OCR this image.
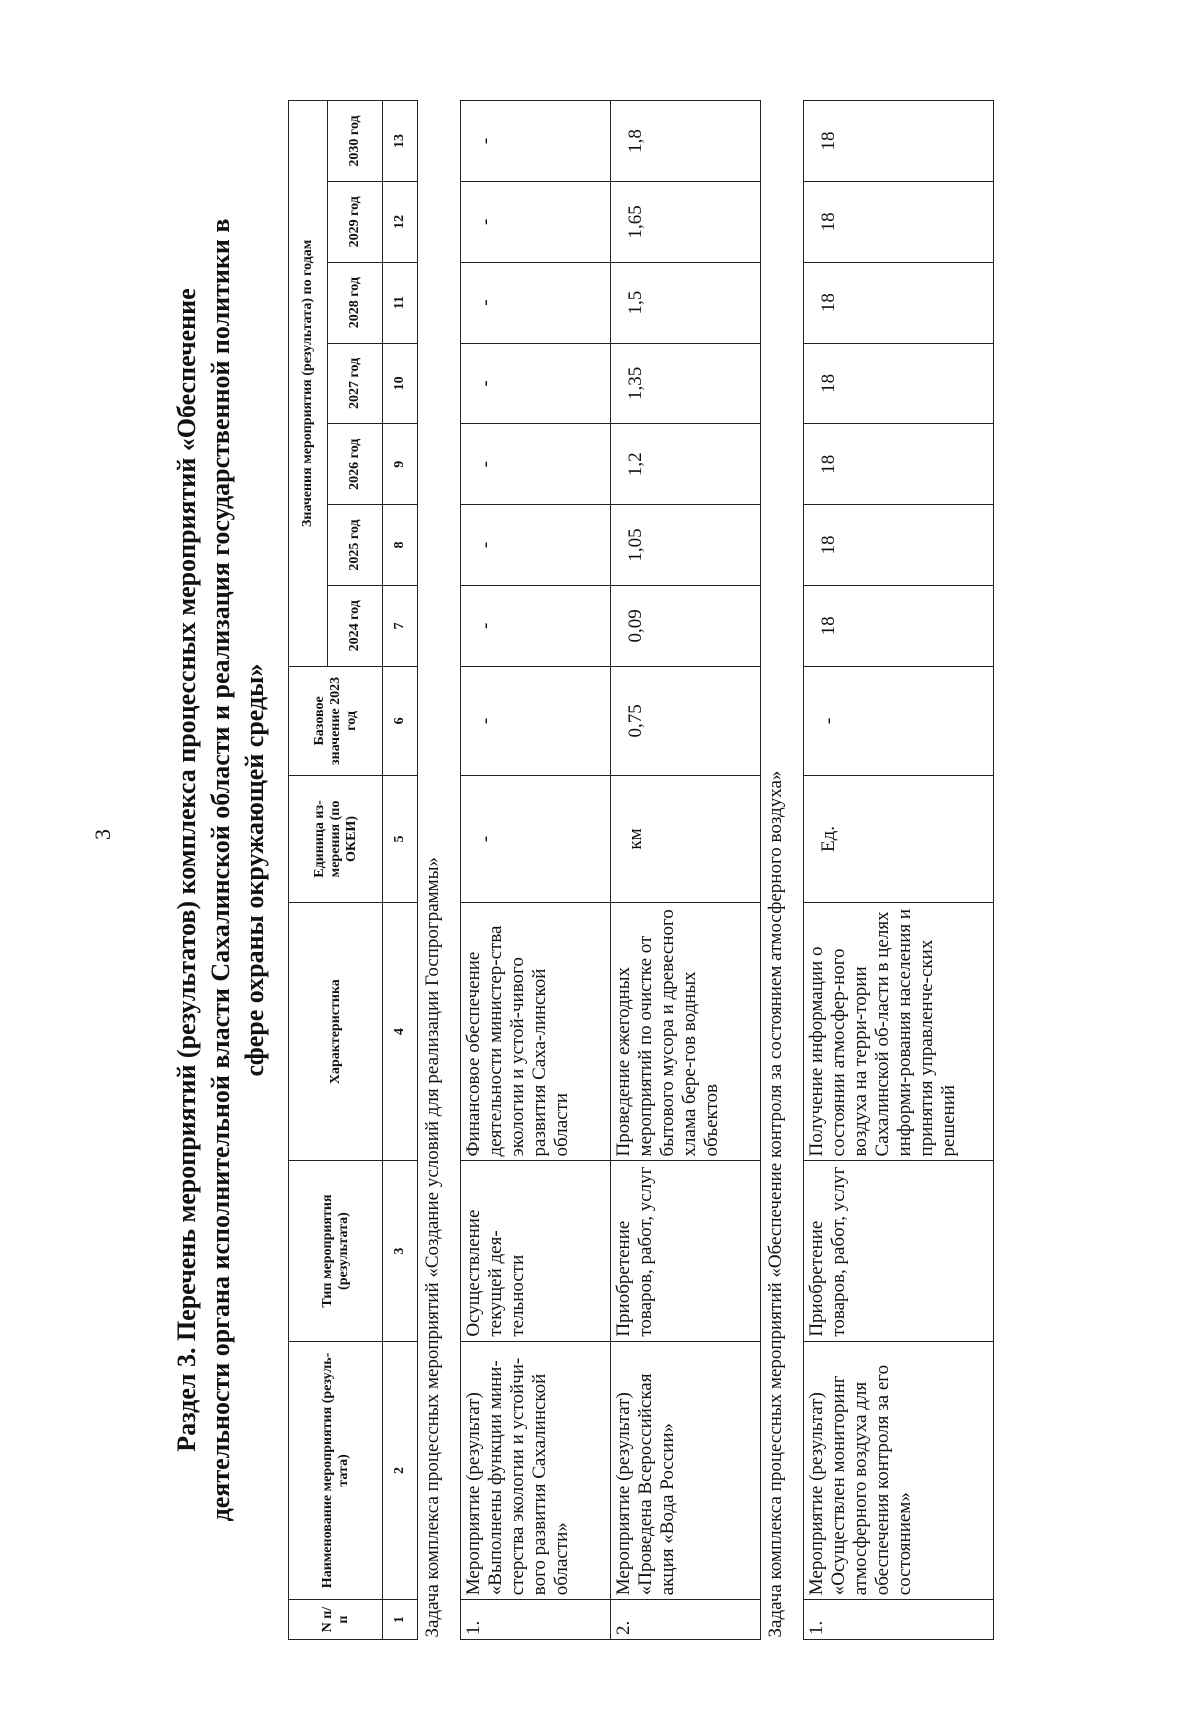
3 Раздел 3. Перечень мероприятий (результатов) комплекса процессных мероприятий «Обеспечение деятельности органа исполнительной власти Сахалинской области и реализация государственной политики в сфере охраны окружающей среды»
N п/п	Наименование мероприятия (резуль-тата)	Тип мероприятия (результата)	Характеристика	Единица из-мерения (по ОКЕИ)	Базовое значение 2023 год	Значения мероприятия (результата) по годам						
						2024 год	2025 год	2026 год	2027 год	2028 год	2029 год	2030 год
1	2	3	4	5	6	7	8	9	10	11	12	13
Задача комплекса процессных мероприятий «Создание условий для реализации Госпрограммы»												
1.	Мероприятие (результат) «Выполнены функции мини-стерства экологии и устойчи-вого развития Сахалинской области»	Осуществление текущей дея-тельности	Финансовое обеспечение деятельности министер-ства экологии и устой-чивого развития Саха-линской области	-	-	-	-	-	-	-	-	-
2.	Мероприятие (результат) «Проведена Всероссийская акция «Вода России»	Приобретение товаров, работ, услуг	Проведение ежегодных мероприятий по очистке от бытового мусора и древесного хлама бере-гов водных объектов	км	0,75	0,09	1,05	1,2	1,35	1,5	1,65	1,8
Задача комплекса процессных мероприятий «Обеспечение контроля за состоянием атмосферного воздуха»												
1.	Мероприятие (результат) «Осуществлен мониторинг атмосферного воздуха для обеспечения контроля за его состоянием»	Приобретение товаров, работ, услуг	Получение информации о состоянии атмосфер-ного воздуха на терри-тории Сахалинской об-ласти в целях информи-рования населения и принятия управленче-ских решений	Ед.	-	18	18	18	18	18	18	18
